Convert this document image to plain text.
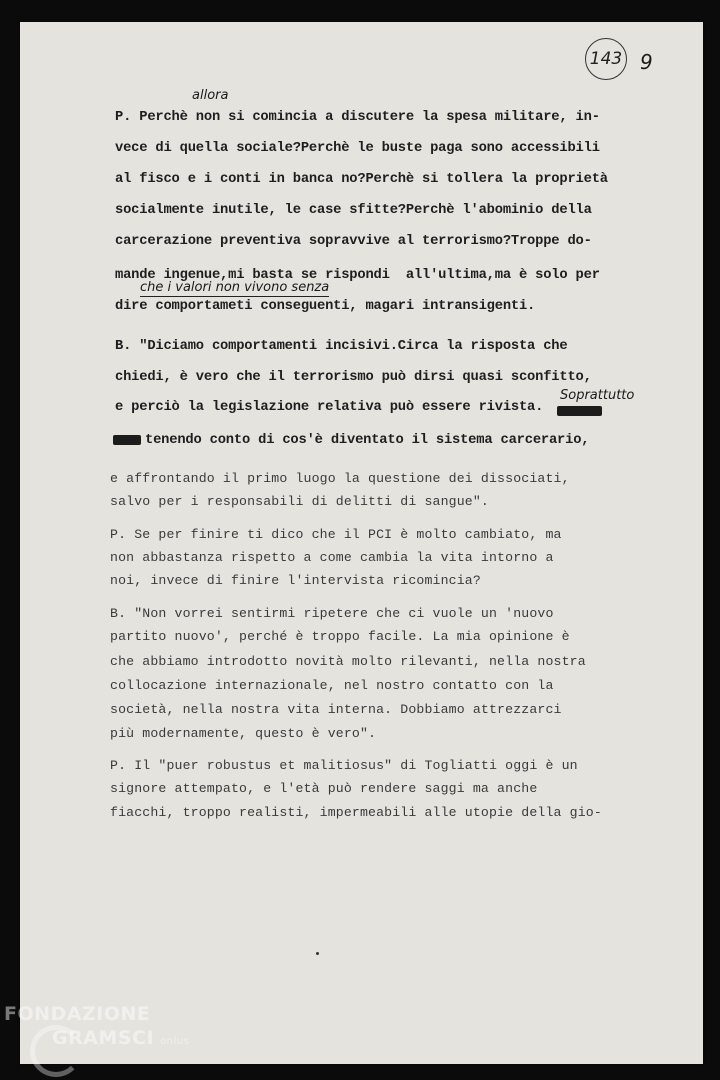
143 9
allora
che i valori non vivono senza
Soprattutto
P. Perchè non si comincia a discutere la spesa militare, in-
vece di quella sociale?Perchè le buste paga sono accessibili
al fisco e i conti in banca no?Perchè si tollera la proprietà
socialmente inutile, le case sfitte?Perchè l'abominio della
carcerazione preventiva sopravvive al terrorismo?Troppe do-
mande ingenue,mi basta se rispondi  all'ultima,ma è solo per
dire comportameti conseguenti, magari intransigenti.
B. "Diciamo comportamenti incisivi.Circa la risposta che
chiedi, è vero che il terrorismo può dirsi quasi sconfitto,
e perciò la legislazione relativa può essere rivista.
tenendo conto di cos'è diventato il sistema carcerario,
e affrontando il primo luogo la questione dei dissociati,
salvo per i responsabili di delitti di sangue".
P. Se per finire ti dico che il PCI è molto cambiato, ma
non abbastanza rispetto a come cambia la vita intorno a
noi, invece di finire l'intervista ricomincia?
B. "Non vorrei sentirmi ripetere che ci vuole un 'nuovo
partito nuovo', perché è troppo facile. La mia opinione è
che abbiamo introdotto novità molto rilevanti, nella nostra
collocazione internazionale, nel nostro contatto con la
società, nella nostra vita interna. Dobbiamo attrezzarci
più modernamente, questo è vero".
P. Il "puer robustus et malitiosus" di Togliatti oggi è un
signore attempato, e l'età può rendere saggi ma anche
fiacchi, troppo realisti, impermeabili alle utopie della gio-
FONDAZIONE
GRAMSCI onlus
